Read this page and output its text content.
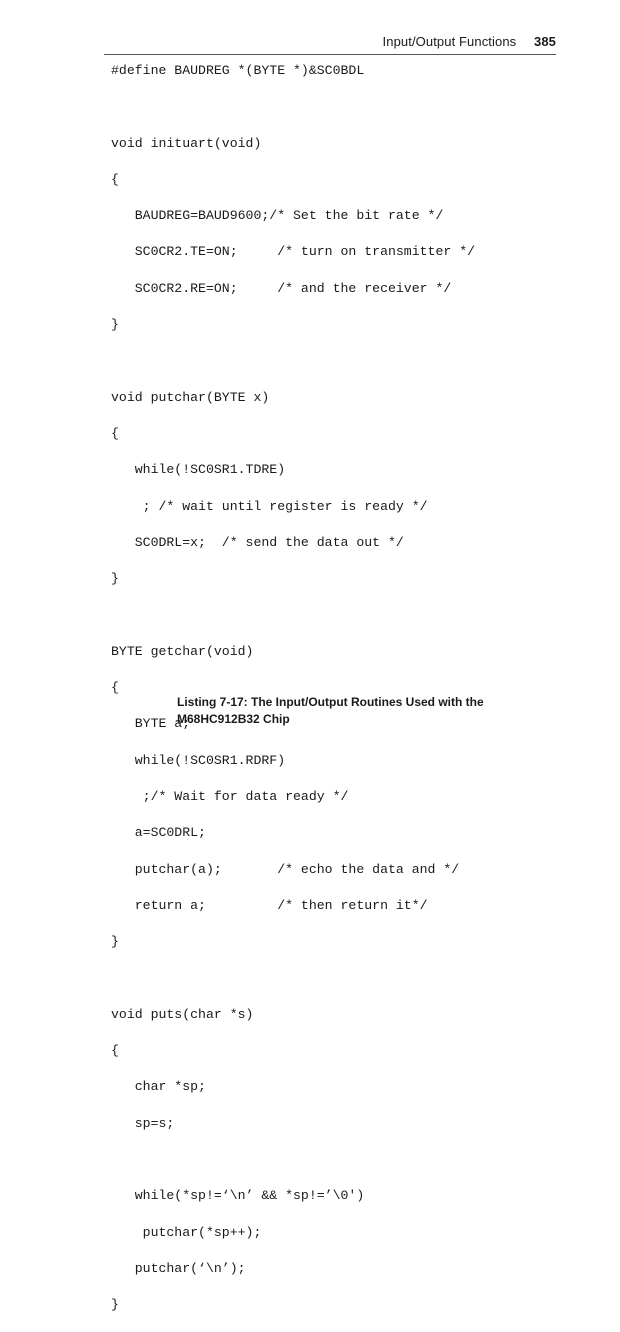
Input/Output Functions 385
#define BAUDREG *(BYTE *)&SC0BDL

void inituart(void)

{

BAUDREG=BAUD9600;/* Set the bit rate */

SC0CR2.TE=ON;     /* turn on transmitter */

SC0CR2.RE=ON;     /* and the receiver */

}

void putchar(BYTE x)

{

while(!SC0SR1.TDRE)

; /* wait until register is ready */

SC0DRL=x;  /* send the data out */

}

BYTE getchar(void)

{

BYTE a;

while(!SC0SR1.RDRF)

;/* Wait for data ready */

a=SC0DRL;

putchar(a);       /* echo the data and */

return a;         /* then return it*/

}

void puts(char *s)

{

char *sp;

sp=s;

while(*sp!=‘\n’ && *sp!=’\0')

putchar(*sp++);

putchar(‘\n’);

}

Listing 7-17: The Input/Output Routines Used with the
M68HC912B32 Chip
